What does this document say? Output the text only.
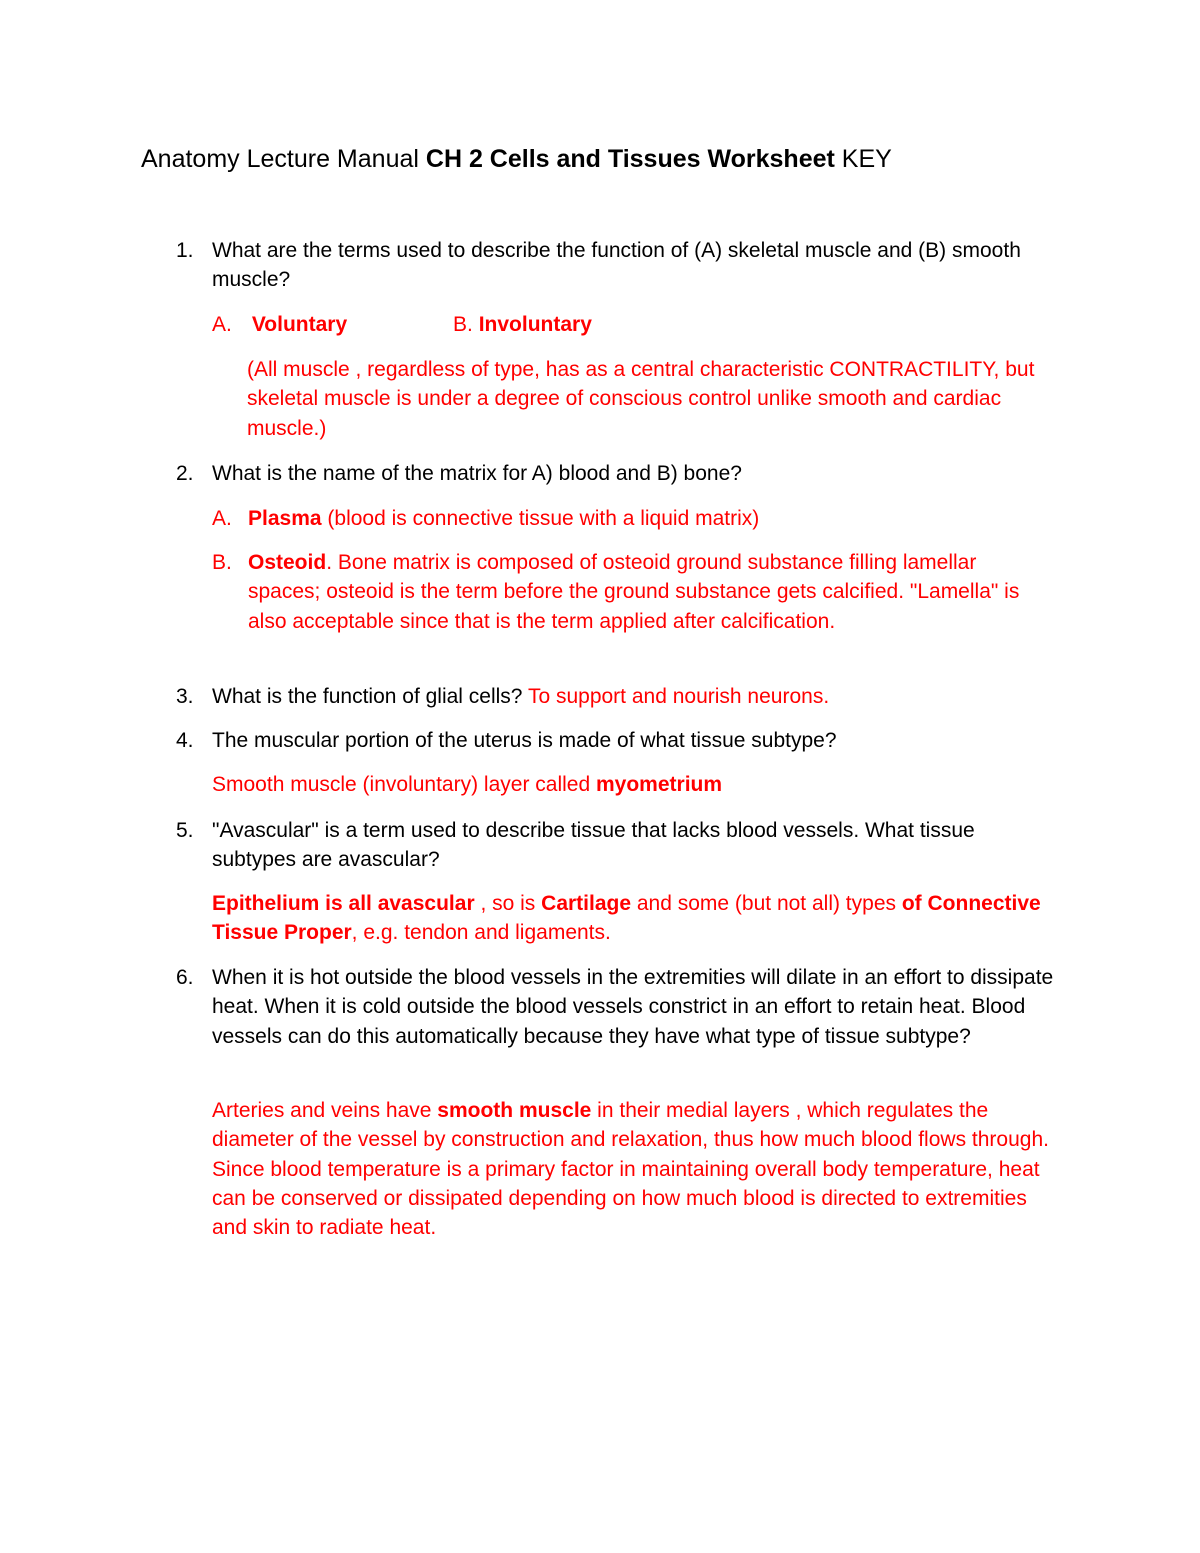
Anatomy Lecture Manual CH 2 Cells and Tissues Worksheet KEY
1. What are the terms used to describe the function of (A) skeletal muscle and (B) smooth muscle?
A. Voluntary	B. Involuntary
(All muscle , regardless of type, has as a central characteristic CONTRACTILITY, but skeletal muscle is under a degree of conscious control unlike smooth and cardiac muscle.)
2. What is the name of the matrix for A) blood and B) bone?
A. Plasma (blood is connective tissue with a liquid matrix)
B. Osteoid. Bone matrix is composed of osteoid ground substance filling lamellar spaces; osteoid is the term before the ground substance gets calcified. "Lamella" is also acceptable since that is the term applied after calcification.
3. What is the function of glial cells? To support and nourish neurons.
4. The muscular portion of the uterus is made of what tissue subtype?
Smooth muscle (involuntary) layer called myometrium
5. "Avascular" is a term used to describe tissue that lacks blood vessels. What tissue subtypes are avascular?
Epithelium is all avascular , so is Cartilage and some (but not all) types of Connective Tissue Proper, e.g. tendon and ligaments.
6. When it is hot outside the blood vessels in the extremities will dilate in an effort to dissipate heat. When it is cold outside the blood vessels constrict in an effort to retain heat. Blood vessels can do this automatically because they have what type of tissue subtype?
Arteries and veins have smooth muscle in their medial layers , which regulates the diameter of the vessel by construction and relaxation, thus how much blood flows through. Since blood temperature is a primary factor in maintaining overall body temperature, heat can be conserved or dissipated depending on how much blood is directed to extremities and skin to radiate heat.
